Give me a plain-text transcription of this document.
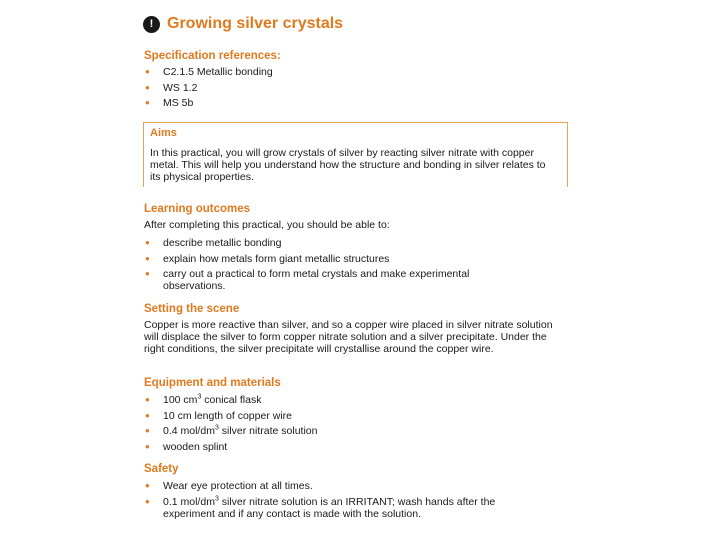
! Growing silver crystals
Specification references:
● C2.1.5 Metallic bonding
● WS 1.2
● MS 5b
Aims
In this practical, you will grow crystals of silver by reacting silver nitrate with copper metal. This will help you understand how the structure and bonding in silver relates to its physical properties.
Learning outcomes
After completing this practical, you should be able to:
● describe metallic bonding
● explain how metals form giant metallic structures
● carry out a practical to form metal crystals and make experimental observations.
Setting the scene
Copper is more reactive than silver, and so a copper wire placed in silver nitrate solution will displace the silver to form copper nitrate solution and a silver precipitate. Under the right conditions, the silver precipitate will crystallise around the copper wire.
Equipment and materials
● 100 $cm^3$ conical flask
● 10 cm length of copper wire
● 0.4 mol/$dm^3$ silver nitrate solution
● wooden splint
Safety
● Wear eye protection at all times.
● 0.1 mol/$dm^3$ silver nitrate solution is an IRRITANT; wash hands after the experiment and if any contact is made with the solution.
